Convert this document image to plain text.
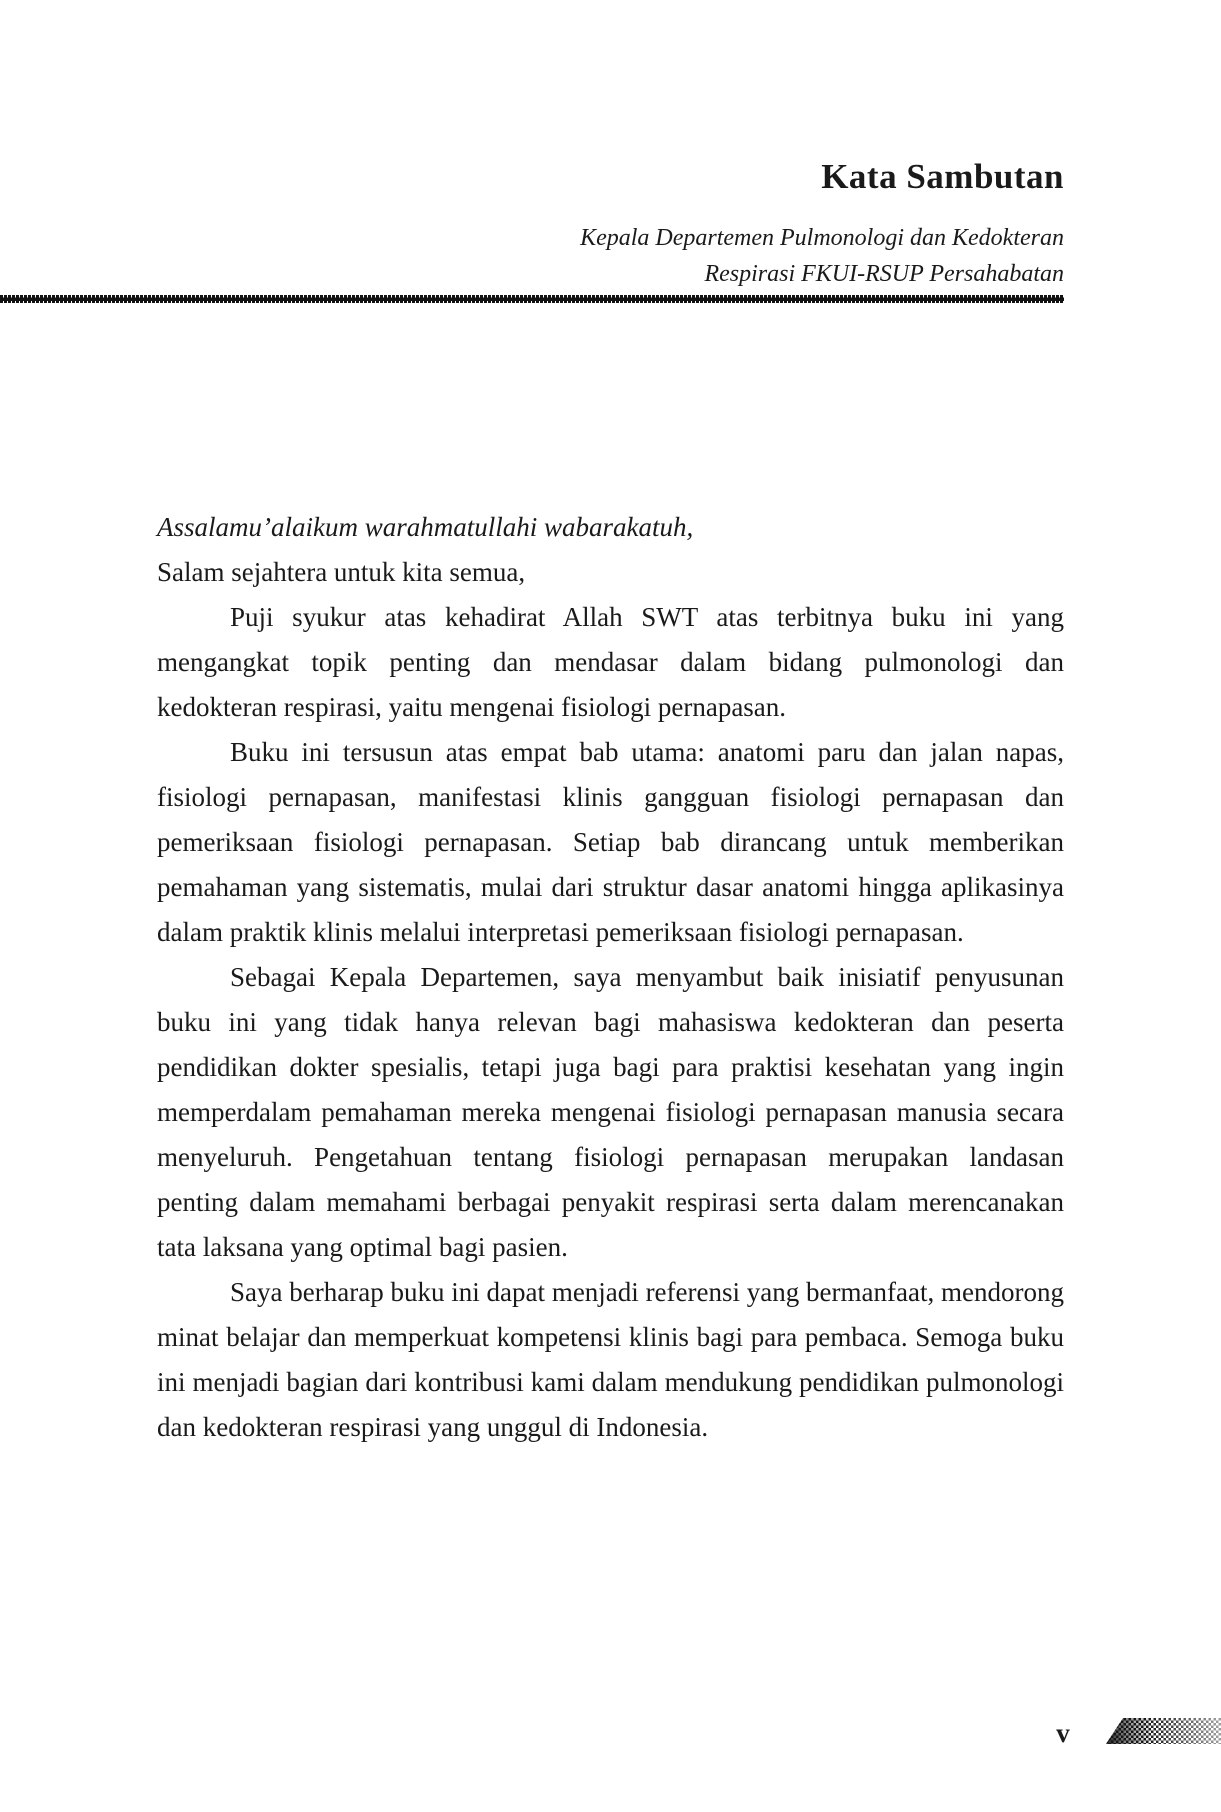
Kata Sambutan
Kepala Departemen Pulmonologi dan Kedokteran
Respirasi FKUI-RSUP Persahabatan

Assalamu’alaikum warahmatullahi wabarakatuh,

Salam sejahtera untuk kita semua,

Puji syukur atas kehadirat Allah SWT atas terbitnya buku ini yang mengangkat topik penting dan mendasar dalam bidang pulmonologi dan kedokteran respirasi, yaitu mengenai fisiologi pernapasan.

Buku ini tersusun atas empat bab utama: anatomi paru dan jalan napas, fisiologi pernapasan, manifestasi klinis gangguan fisiologi pernapasan dan pemeriksaan fisiologi pernapasan. Setiap bab dirancang untuk memberikan pemahaman yang sistematis, mulai dari struktur dasar anatomi hingga aplikasinya dalam praktik klinis melalui interpretasi pemeriksaan fisiologi pernapasan.

Sebagai Kepala Departemen, saya menyambut baik inisiatif penyusunan buku ini yang tidak hanya relevan bagi mahasiswa kedokteran dan peserta pendidikan dokter spesialis, tetapi juga bagi para praktisi kesehatan yang ingin memperdalam pemahaman mereka mengenai fisiologi pernapasan manusia secara menyeluruh. Pengetahuan tentang fisiologi pernapasan merupakan landasan penting dalam memahami berbagai penyakit respirasi serta dalam merencanakan tata laksana yang optimal bagi pasien.

Saya berharap buku ini dapat menjadi referensi yang bermanfaat, mendorong minat belajar dan memperkuat kompetensi klinis bagi para pembaca. Semoga buku ini menjadi bagian dari kontribusi kami dalam mendukung pendidikan pulmonologi dan kedokteran respirasi yang unggul di Indonesia.

v
